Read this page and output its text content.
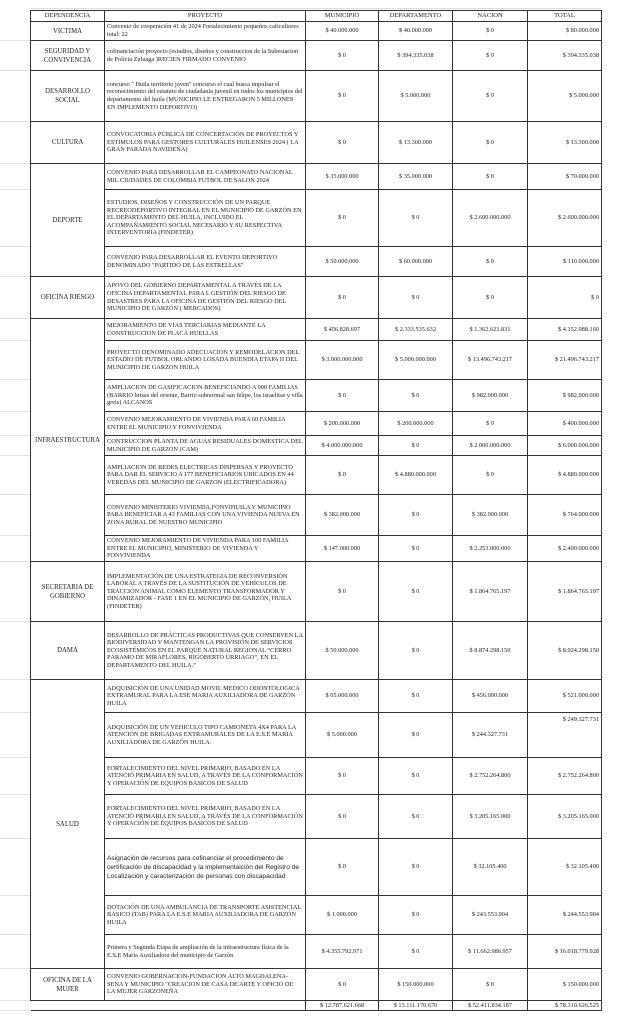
DEPENDENCIA	PROYECTO	MUNICIPIO	DEPARTAMENTO	NACION	TOTAL
VICTIMA	Convenio de cooperación 41 de 2024 Fortalecimiento pequeños caficultores total: 22	$ 40.000.000	$ 40.000.000	$ 0	$ 80.000.000
SEGURIDAD Y CONVIVENCIA	cofinanciación proyecto (estudios, diseños y construccion de la Subestacion de Policia Zuluaga )RECIEN FIRMADO CONVENIO	$ 0	$ 394.335.038	$ 0	$ 394.335.038
DESARROLLO SOCIAL	concurso " Huila territorio joven" concurso el cual busca impulsar el reconocimiento del estatuto de ciudadania juvenil en todos los municipios del departamento del huila (MUNICIPIO LE ENTREGARON 5 MILLONES EN IMPLEMENTO DEPORTIVO)	$ 0	$ 5.000.000	$ 0	$ 5.000.000
CULTURA	CONVOCATORIA PÚBLICA DE CONCERTACIÓN DE PROYECTOS Y ESTIMULOS PARA GESTORES CULTURALES HUILENSES 2024 ( LA GRAN PARADA NAVIDEÑA)	$ 0	$ 13.300.000	$ 0	$ 13.300.000
DEPORTE	CONVENIO PARA DESARROLLAR EL CAMPEONATO NACIONAL MIL CIUDADES DE COLOMBIA FUTBOL DE SALON 2024	$ 35.000.000	$ 35.000.000	$ 0	$ 70.000.000
	ESTUDIOS, DISEÑOS Y CONSTRUCCIÓN DE UN PARQUE RECREODEPORTIVO INTEGRAL EN EL MUNICIPIO DE GARZÓN EN EL DEPARTAMENTO DEL HUILA, INCLUIDO EL ACOMPAÑAMIENTO SOCIAL NECESARIO Y SU RESPECTIVA INTERVENTORIA (FINDETER)	$ 0	$ 0	$ 2.600.000.000	$ 2.600.000.000
	CONVENIO PARA DESARROLLAR EL EVENTO DEPORTIVO DENOMINADO "PARTIDO DE LAS ESTRELLAS"	$ 50.000.000	$ 60.000.000	$ 0	$ 110.000.000
OFICINA RIESGO	APOYO DEL GOBIERNO DEPARTAMENTAL A TRAVÉS DE LA OFICINA DEPARTAMENTAL PARA L GESTIÓN DEL RIESGO DE DESASTRES PARA LA OFICINA DE GESTIÓN DEL RIESGO DEL MUNICIPIO DE GARZÓN ( MERCADOS)	$ 0	$ 0	$ 0	$ 0
INFRAESTRUCTURA	MEJORAMIENTO DE VIAS TERCIARIAS MEDIANTE LA CONSTRUCCION DE PLACA HUELLAS	$ 456.828.697	$ 2.333.535.632	$ 1.362.623.831	$ 4.152.988.160
	PROYECTO DENOMINADO ADECUACION Y REMODELACION DEL ESTADIO DE FUTBOL ORLANDO LOSADA BUENDIA ETAPA II DEL MUNICIPIO DE GARZON HUILA	$ 3.000.000.000	$ 5.000.000.000	$ 13.496.743.217	$ 21.496.743.217
	AMPLIACION DE GASIFICACION BENEFICIANDO A 900 FAMILIAS (BARRIO brisas del oriente, Barrio subnormal san felipe, los israelitas y villa greis) ALCANOS	$ 0	$ 0	$ 982.000.000	$ 982.000.000
	CONVENIO MEJORAMIENTO DE VIVIENDA PARA 60 FAMILIA ENTRE EL MUNICIPIO Y FONVIVIENDA	$ 200.000.000	$ 200.000.000	$ 0	$ 400.000.000
	CONTRUCCION PLANTA DE AGUAS RESIDUALES DOMESTICA DEL MUNICIPIO DE GARZON (CAM)	$ 4.000.000.000	$ 0	$ 2.000.000.000	$ 6.000.000.000
	AMPLIACION DE REDES ELECTRICAS DISPERSAS Y PROYECTO PARA DAR EL SERVICIO A 177 BENEFICIARIOS UBICADOS EN 44 VEREDAS DEL MUNICIPIO DE GARZON (ELECTRIFICADORA)	$ 0	$ 4.880.000.000	$ 0	$ 4.880.000.000
	CONVENIO MINISTERIO VIVIENDA,FONVIHUILA Y MUNICIPIO PARA BENEFICIAR A 43 FAMILIAS CON UNA VIVIENDA NUEVA EN ZONA RURAL DE NUESTRO MUNICIPIO	$ 382.000.000	$ 0	$ 382.000.000	$ 764.000.000
	CONVENIO MEJORAMIENTO DE VIVIENDA PARA 100 FAMILIA ENTRE EL MUNICIPIO, MINISTERIO DE VIVIENDA Y FONVIVIENDA	$ 147.000.000	$ 0	$ 2.253.000.000	$ 2.400.000.000
SECRETARIA DE GOBIERNO	IMPLEMENTACIÓN DE UNA ESTRATEGIA DE RECONVERSIÓN LABORAL A TRAVÉS DE LA SUSTITUCIÓN DE VEHÍCULOS DE TRACCIÓN ANIMAL COMO ELEMENTO TRANSFORMADOR Y DINAMIZADOR - FASE 1 EN EL MUNICIPIO DE GARZÓN, HUILA (FINDETER)	$ 0	$ 0	$ 1.864.765.197	$ 1.864.765.197
DAMA	DESARROLLO DE PRÁCTICAS PRODUCTIVAS QUE CONSERVEN LA BIODIVERSIDAD Y MANTENGAN LA PROVISIÓN DE SERVICIOS ECOSISTÉMICOS EN EL PARQUE NATURAL REGIONAL “CERRO PÁRAMO DE MIRAFLORES, RIGOBERTO URRIAGO”, EN EL DEPARTAMENTO DEL HUILA.”	$ 50.000.000	$ 0	$ 8.874.298.150	$ 8.924.298.150
SALUD	ADQUISICIÓN DE UNA UNIDAD MOVIL MEDICO ODONTOLOGICA EXTRAMURAL PARA LA ESE MARIA AUXILIADORA DE GARZÓN HUILA	$ 65.000.000	$ 0	$ 456.000.000	$ 521.000.000
	ADQUISICIÓN DE UN VEHICULO TIPO CAMIONETA 4X4 PARA LA ATENCIÓN DE BRIGADAS EXTRAMURALES DE LA E.S.E MARIA AUXILIADORA DE GARZÓN HUILA.	$ 5.000.000	$ 0	$ 244.327.731	$ 249.327.731
	FORTALECIMIENTO DEL NIVEL PRIMARIO, BASADO EN LA ATENCIÓ PRIMARIA EN SALUD, A TRAVÉS DE LA CONFORMACIÓN Y OPERACIÓN DE EQUIPOS BASICOS DE SALUD	$ 0	$ 0	$ 2.752.264.800	$ 2.752.264.800
	FORTALECIMIENTO DEL NIVEL PRIMARIO, BASADO EN LA ATENCIÓ PRIMARIA EN SALUD, A TRAVÉS DE LA CONFORMACIÓN Y OPERACIÓN DE EQUIPOS BASICOS DE SALUD	$ 0	$ 0	$ 3.205.165.000	$ 3.205.165.000
	Asignación de recursos para cofinanciar el procedimiento de certificación de discapacidad y la implementaición del Registro de Localización y caracterización de personas con discapacidad	$ 0	$ 0	$ 32.105.400	$ 32.105.400
	DOTACIÓN DE UNA AMBULANCIA DE TRANSPORTE ASISTENCIAL BÁSICO (TAB) PARA LA E.S.E MARIA AUXILIADORA DE GARZÓN HUILA	$ 1.000.000	$ 0	$ 243.553.904	$ 244.553.904
	Primera y Segunda Etapa de ampliación de la infraestructura física de la E.S.E Maria Auxiliadora del municipio de Garzón	$ 4.355.792.971	$ 0	$ 11.662.986.957	$ 16.018.779.928
OFICINA DE LA MUJER	CONVENIO GOBERNACION-FUNDACION ALTO MAGDALENA-SENA Y MUNICIPIO "CREACION DE CASA DE ARTE Y OFICIO DE LA MUJER GARZONEÑA	$ 0	$ 150.000.000	$ 0	$ 150.000.000
		$ 12.787.621.668	$ 13.111.170.670	$ 52.411.834.187	$ 78.310.626.525
